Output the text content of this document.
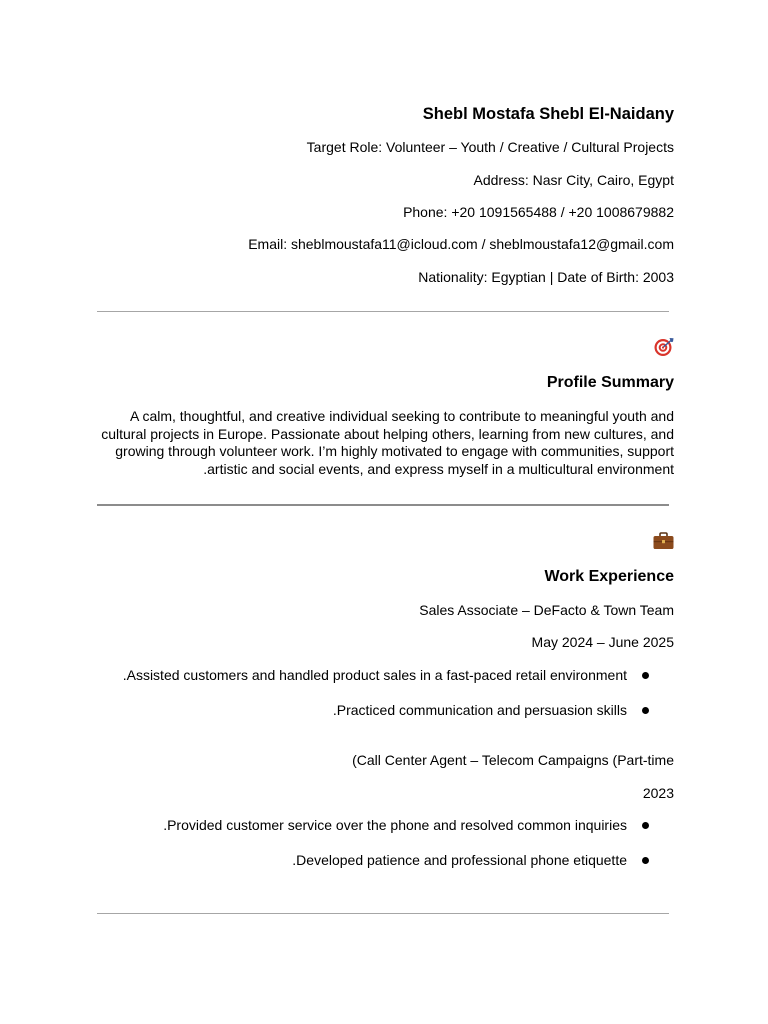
Shebl Mostafa Shebl El-Naidany
Target Role: Volunteer – Youth / Creative / Cultural Projects
Address: Nasr City, Cairo, Egypt
Phone: +20 1091565488 / +20 1008679882
Email: sheblmoustafa11@icloud.com / sheblmoustafa12@gmail.com
Nationality: Egyptian | Date of Birth: 2003
Profile Summary
A calm, thoughtful, and creative individual seeking to contribute to meaningful youth and
cultural projects in Europe. Passionate about helping others, learning from new cultures, and
growing through volunteer work. I’m highly motivated to engage with communities, support
.artistic and social events, and express myself in a multicultural environment
Work Experience
Sales Associate – DeFacto & Town Team
May 2024 – June 2025
.Assisted customers and handled product sales in a fast-paced retail environment
.Practiced communication and persuasion skills
(Call Center Agent – Telecom Campaigns (Part-time
2023
.Provided customer service over the phone and resolved common inquiries
.Developed patience and professional phone etiquette
